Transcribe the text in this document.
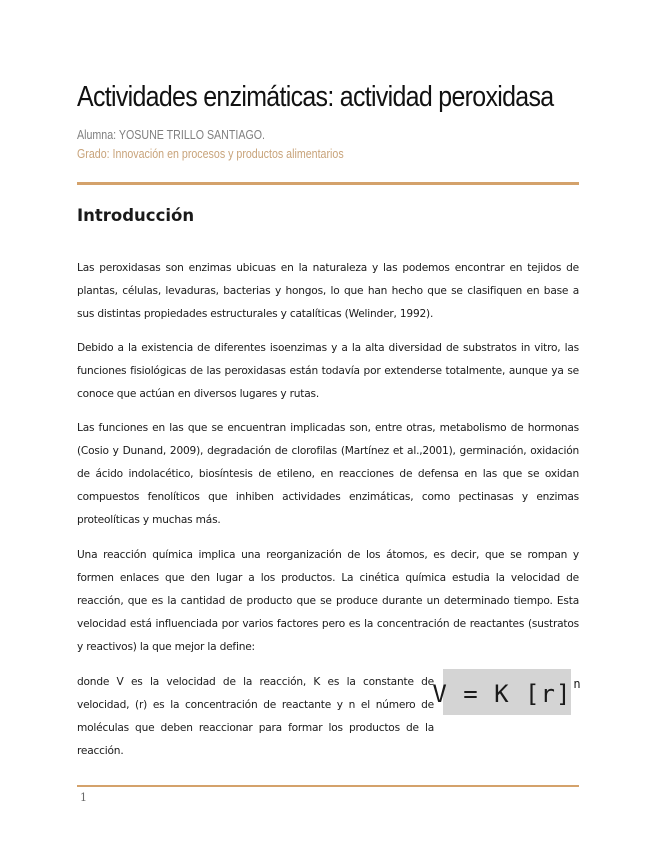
Actividades enzimáticas: actividad peroxidasa
Alumna: YOSUNE TRILLO SANTIAGO.
Grado: Innovación en procesos y productos alimentarios
Introducción

Las peroxidasas son enzimas ubicuas en la naturaleza y las podemos encontrar en tejidos de plantas, células, levaduras, bacterias y hongos, lo que han hecho que se clasifiquen en base a sus distintas propiedades estructurales y catalíticas (Welinder, 1992).

Debido a la existencia de diferentes isoenzimas y a la alta diversidad de substratos in vitro, las funciones fisiológicas de las peroxidasas están todavía por extenderse totalmente, aunque ya se conoce que actúan en diversos lugares y rutas.

Las funciones en las que se encuentran implicadas son, entre otras, metabolismo de hormonas (Cosio y Dunand, 2009), degradación de clorofilas (Martínez et al.,2001), germinación, oxidación de ácido indolacético, biosíntesis de etileno, en reacciones de defensa en las que se oxidan compuestos fenolíticos que inhiben actividades enzimáticas, como pectinasas y enzimas proteolíticas y muchas más.

Una reacción química implica una reorganización de los átomos, es decir, que se rompan y formen enlaces que den lugar a los productos. La cinética química estudia la velocidad de reacción, que es la cantidad de producto que se produce durante un determinado tiempo. Esta velocidad está influenciada por varios factores pero es la concentración de reactantes (sustratos y reactivos) la que mejor la define:

donde V es la velocidad de la reacción, K es la constante de velocidad, (r) es la concentración de reactante y n el número de moléculas que deben reaccionar para formar los productos de la reacción.

V = K [r] $^n$
1
